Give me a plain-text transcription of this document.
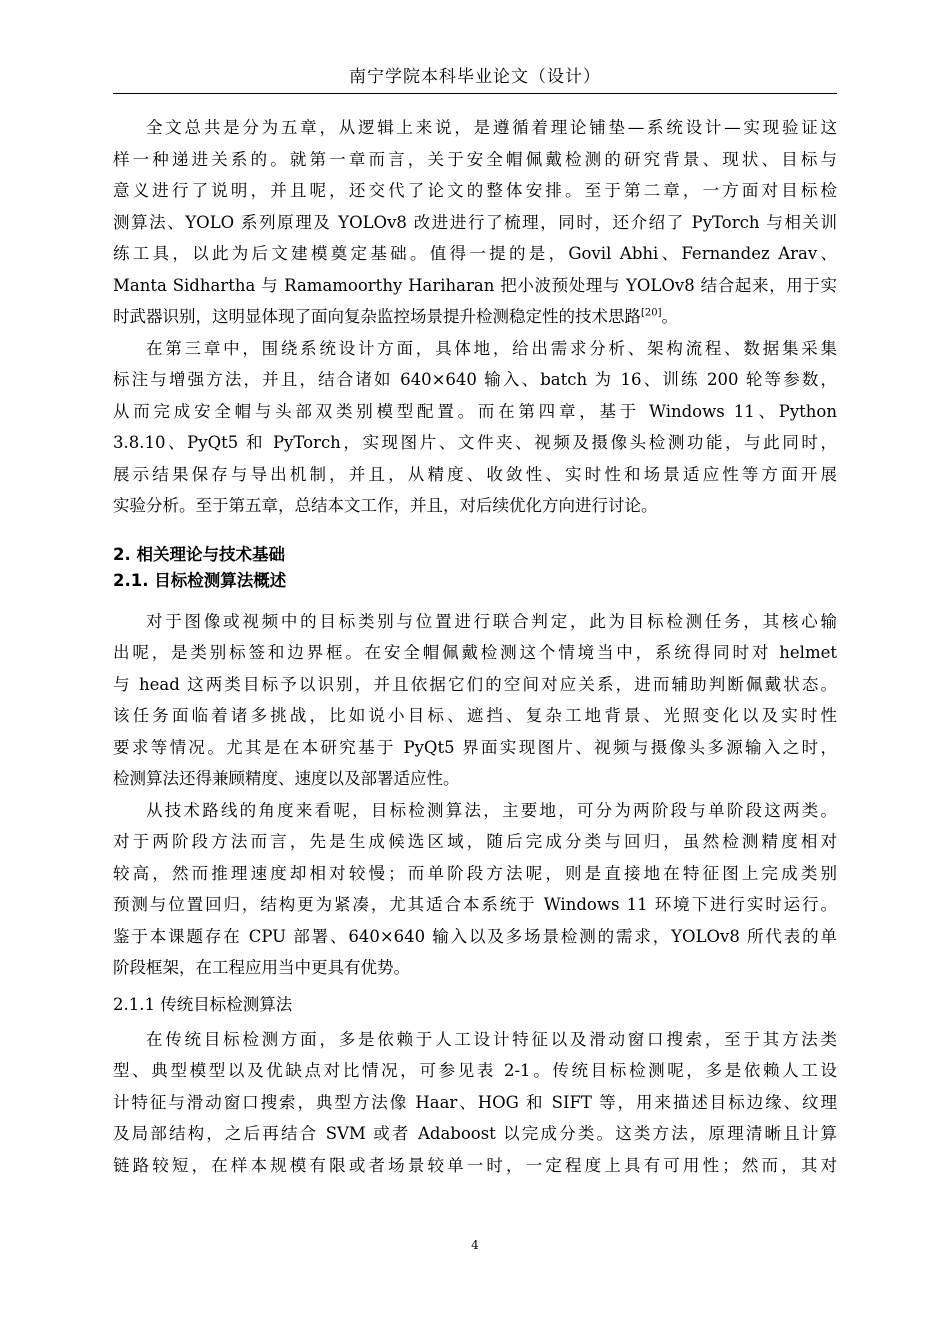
南宁学院本科毕业论文（设计）

全文总共是分为五章，从逻辑上来说，是遵循着理论铺垫—系统设计—实现验证这
样一种递进关系的。就第一章而言，关于安全帽佩戴检测的研究背景、现状、目标与
意义进行了说明，并且呢，还交代了论文的整体安排。至于第二章，一方面对目标检
测算法、YOLO 系列原理及 YOLOv8 改进进行了梳理，同时，还介绍了 PyTorch 与相关训
练工具，以此为后文建模奠定基础。值得一提的是，Govil Abhi、Fernandez Arav、
Manta Sidhartha 与 Ramamoorthy Hariharan 把小波预处理与 YOLOv8 结合起来，用于实
时武器识别，这明显体现了面向复杂监控场景提升检测稳定性的技术思路[20]。

在第三章中，围绕系统设计方面，具体地，给出需求分析、架构流程、数据集采集
标注与增强方法，并且，结合诸如 640×640 输入、batch 为 16、训练 200 轮等参数，
从而完成安全帽与头部双类别模型配置。而在第四章，基于 Windows 11、Python
3.8.10、PyQt5 和 PyTorch，实现图片、文件夹、视频及摄像头检测功能，与此同时，
展示结果保存与导出机制，并且，从精度、收敛性、实时性和场景适应性等方面开展
实验分析。至于第五章，总结本文工作，并且，对后续优化方向进行讨论。

2. 相关理论与技术基础

2.1. 目标检测算法概述

对于图像或视频中的目标类别与位置进行联合判定，此为目标检测任务，其核心输
出呢，是类别标签和边界框。在安全帽佩戴检测这个情境当中，系统得同时对 helmet
与 head 这两类目标予以识别，并且依据它们的空间对应关系，进而辅助判断佩戴状态。
该任务面临着诸多挑战，比如说小目标、遮挡、复杂工地背景、光照变化以及实时性
要求等情况。尤其是在本研究基于 PyQt5 界面实现图片、视频与摄像头多源输入之时，
检测算法还得兼顾精度、速度以及部署适应性。

从技术路线的角度来看呢，目标检测算法，主要地，可分为两阶段与单阶段这两类。
对于两阶段方法而言，先是生成候选区域，随后完成分类与回归，虽然检测精度相对
较高，然而推理速度却相对较慢；而单阶段方法呢，则是直接地在特征图上完成类别
预测与位置回归，结构更为紧凑，尤其适合本系统于 Windows 11 环境下进行实时运行。
鉴于本课题存在 CPU 部署、640×640 输入以及多场景检测的需求，YOLOv8 所代表的单
阶段框架，在工程应用当中更具有优势。

2.1.1 传统目标检测算法

在传统目标检测方面，多是依赖于人工设计特征以及滑动窗口搜索，至于其方法类
型、典型模型以及优缺点对比情况，可参见表 2-1。传统目标检测呢，多是依赖人工设
计特征与滑动窗口搜索，典型方法像 Haar、HOG 和 SIFT 等，用来描述目标边缘、纹理
及局部结构，之后再结合 SVM 或者 Adaboost 以完成分类。这类方法，原理清晰且计算
链路较短，在样本规模有限或者场景较单一时，一定程度上具有可用性；然而，其对

4
